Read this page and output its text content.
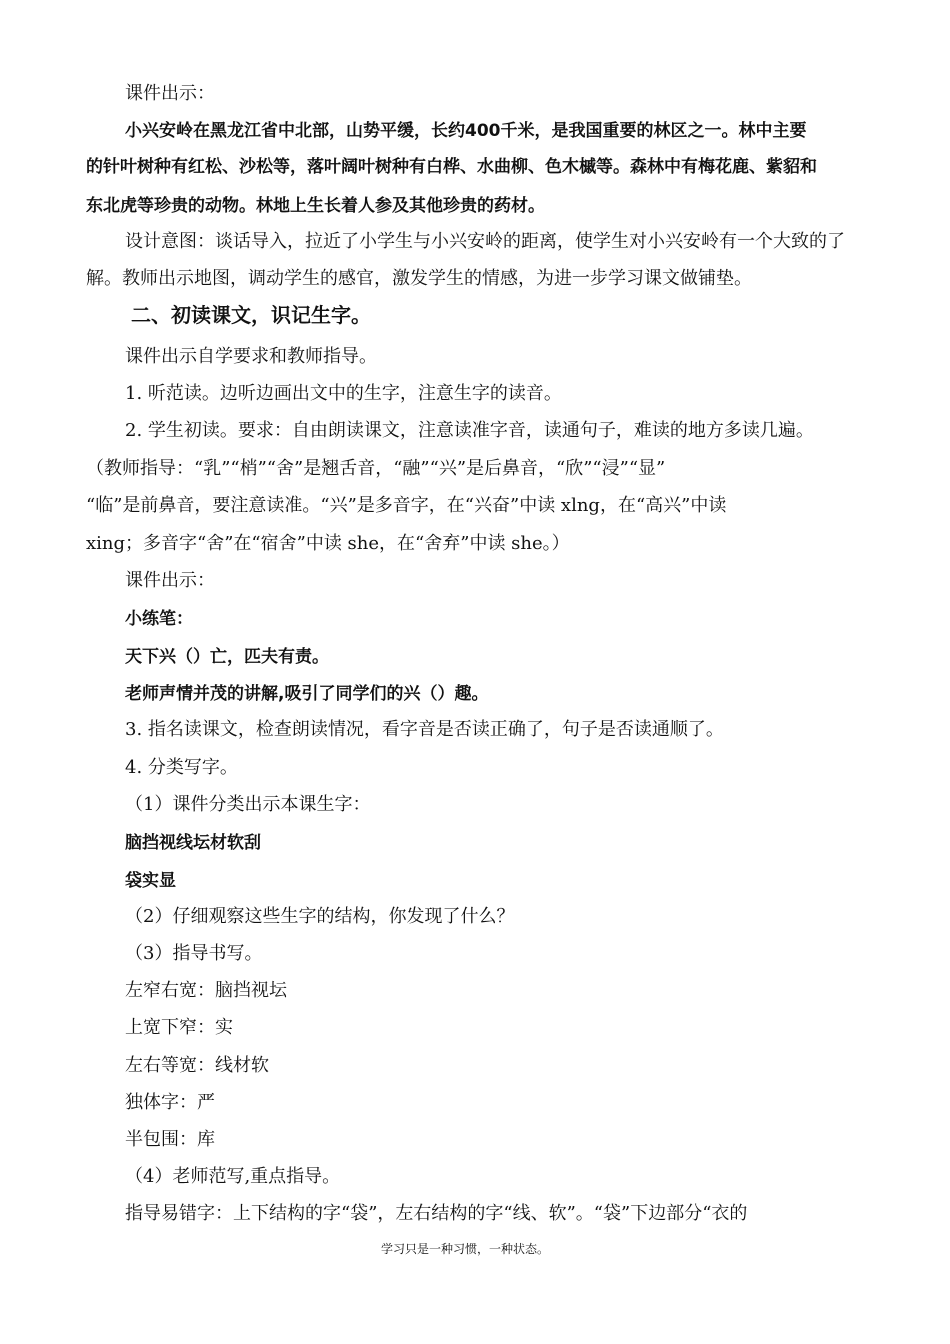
课件出示：
小兴安岭在黑龙江省中北部，山势平缓，长约400千米，是我国重要的林区之一。林中主要
的针叶树种有红松、沙松等，落叶阔叶树种有白桦、水曲柳、色木槭等。森林中有梅花鹿、紫貂和
东北虎等珍贵的动物。林地上生长着人参及其他珍贵的药材。
设计意图：谈话导入，拉近了小学生与小兴安岭的距离，使学生对小兴安岭有一个大致的了
解。教师出示地图，调动学生的感官，激发学生的情感，为进一步学习课文做铺垫。
二、初读课文，识记生字。
课件出示自学要求和教师指导。
1. 听范读。边听边画出文中的生字，注意生字的读音。
2. 学生初读。要求：自由朗读课文，注意读准字音，读通句子，难读的地方多读几遍。
（教师指导：“乳”“梢”“舍”是翘舌音，“融”“兴”是后鼻音，“欣”“浸”“显”
“临”是前鼻音，要注意读准。“兴”是多音字，在“兴奋”中读 xlng，在“高兴”中读
xing；多音字“舍”在“宿舍”中读 she，在“舍弃”中读 she。）
课件出示：
小练笔：
天下兴（）亡，匹夫有责。
老师声情并茂的讲解,吸引了同学们的兴（）趣。
3. 指名读课文，检查朗读情况，看字音是否读正确了，句子是否读通顺了。
4. 分类写字。
（1）课件分类出示本课生字：
脑挡视线坛材软刮
袋实显
（2）仔细观察这些生字的结构，你发现了什么？
（3）指导书写。
左窄右宽：脑挡视坛
上宽下窄：实
左右等宽：线材软
独体字：严
半包围：库
（4）老师范写,重点指导。
指导易错字：上下结构的字“袋”，左右结构的字“线、软”。“袋”下边部分“衣的
学习只是一种习惯，一种状态。
